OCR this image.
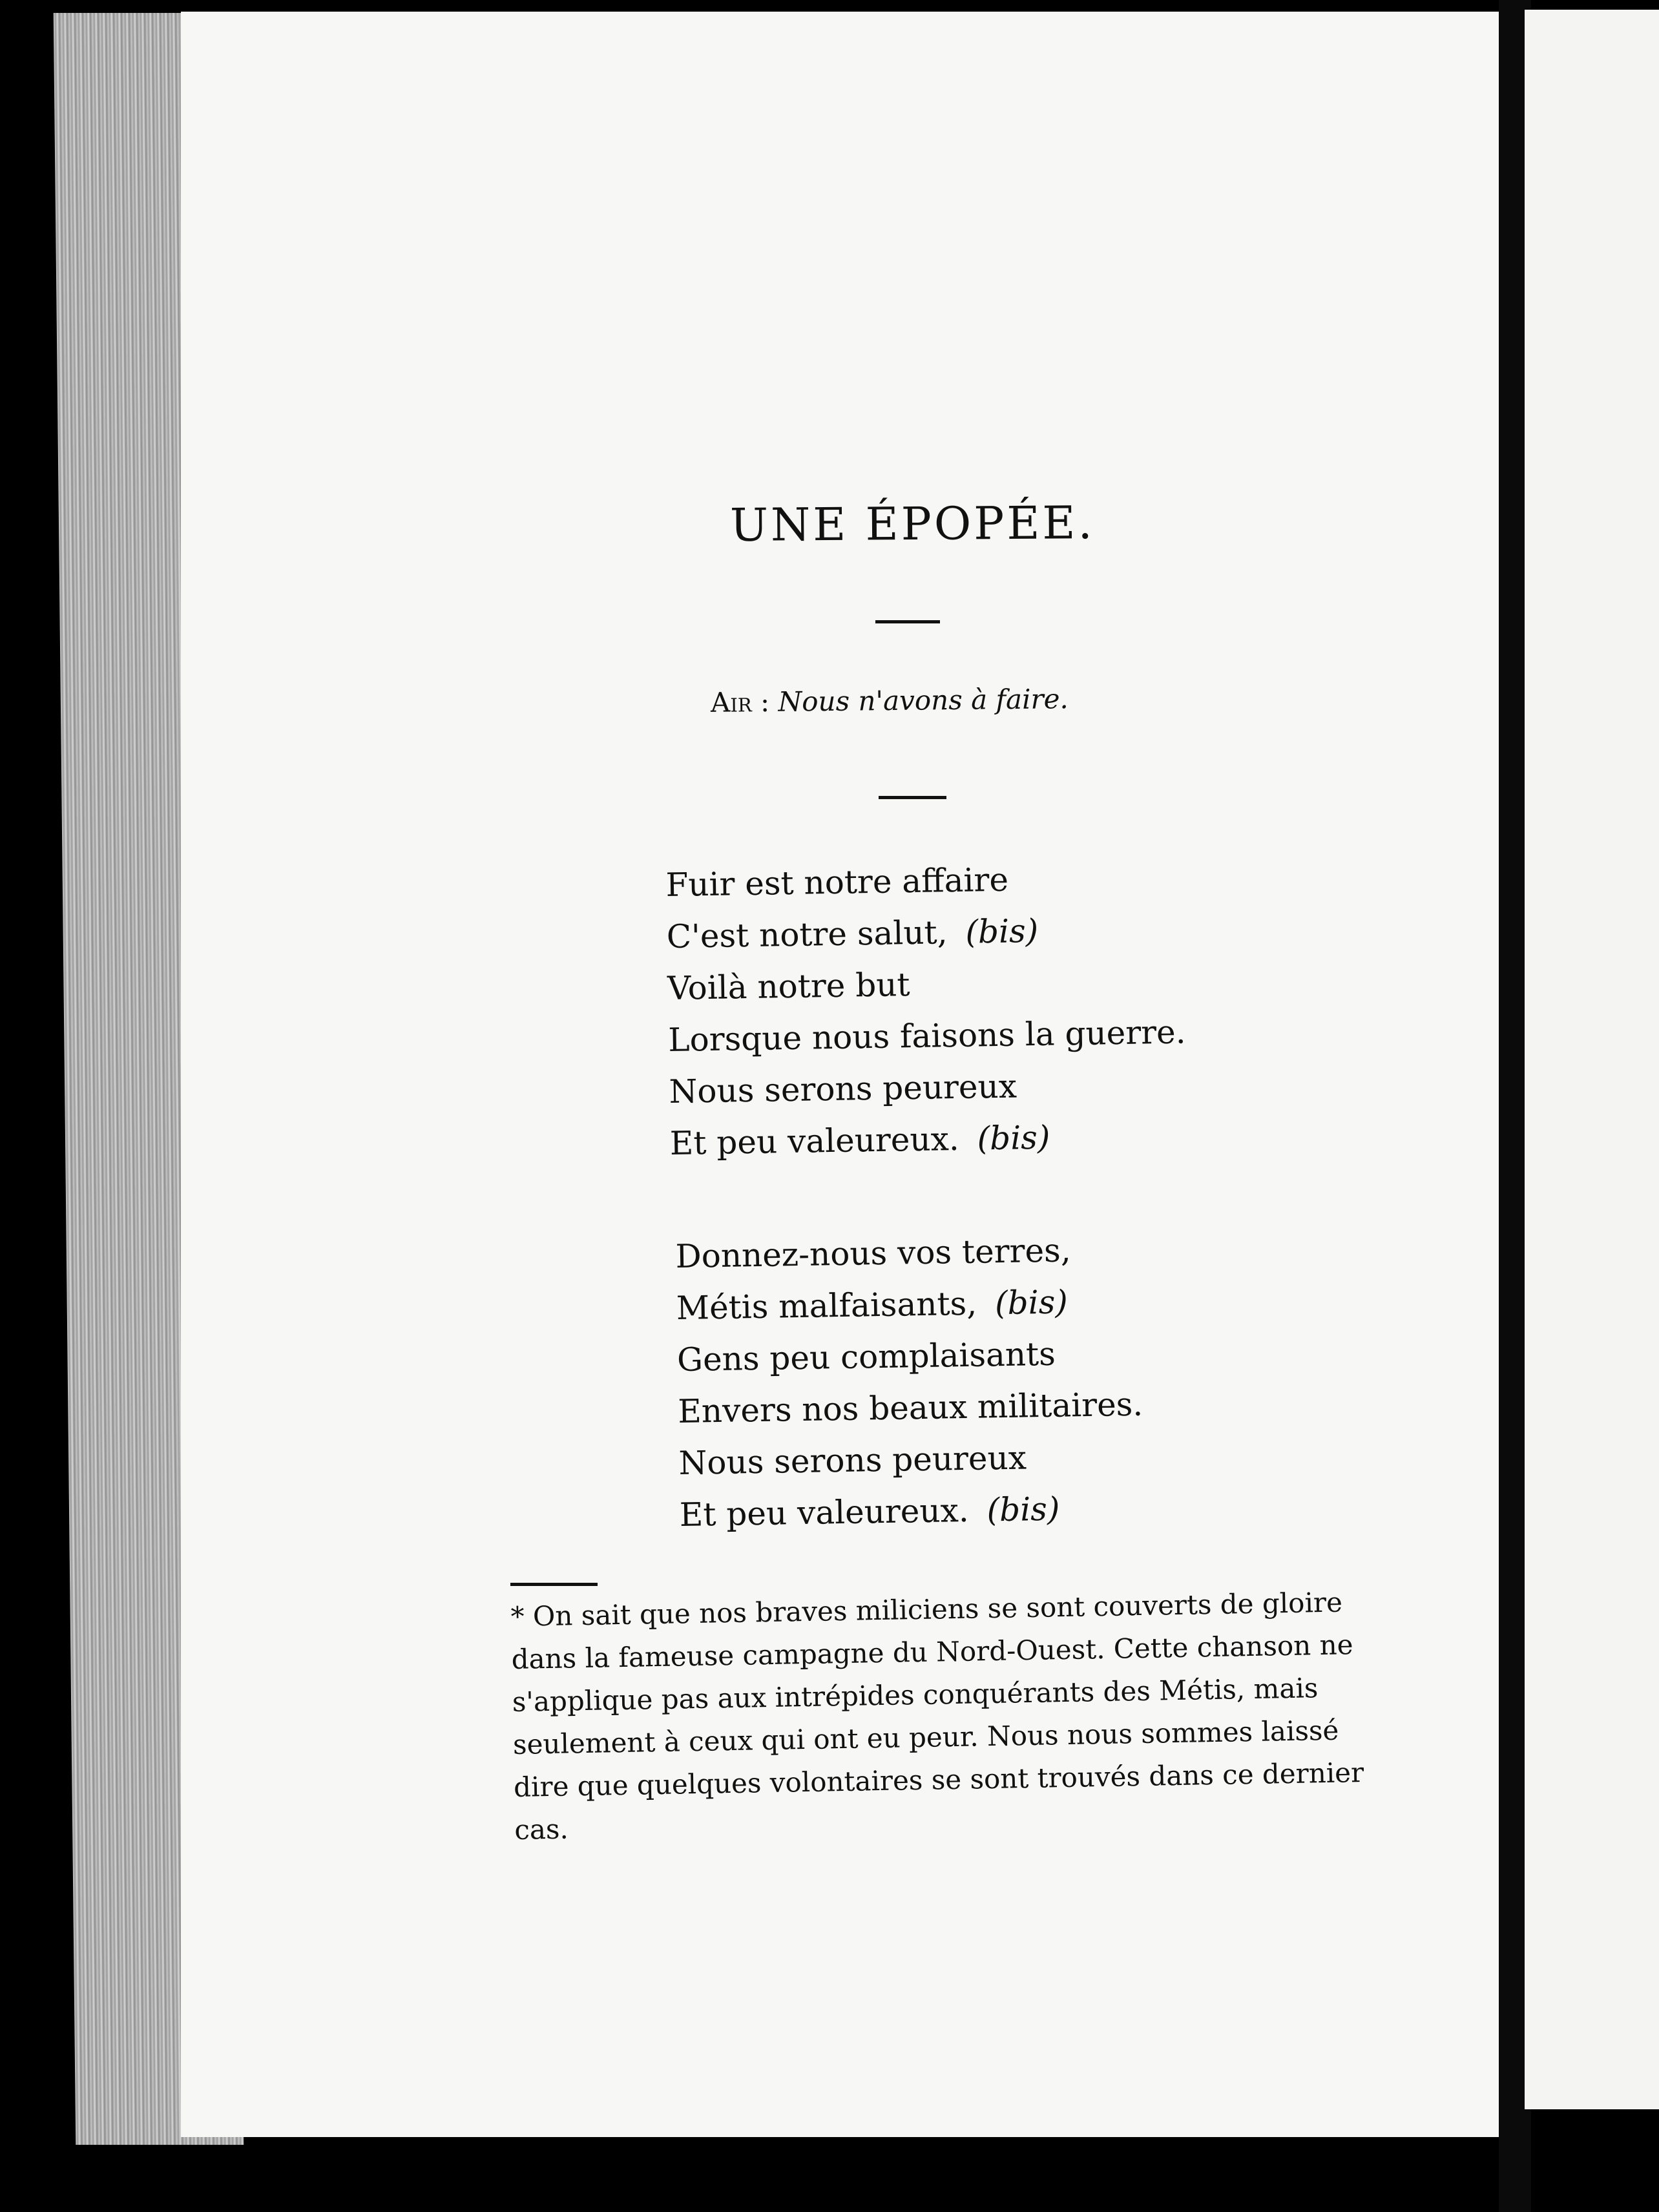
UNE ÉPOPÉE.
Air : Nous n'avons à faire.
Fuir est notre affaire
C'est notre salut, (bis)
Voilà notre but
Lorsque nous faisons la guerre.
Nous serons peureux
Et peu valeureux. (bis)
Donnez-nous vos terres,
Métis malfaisants, (bis)
Gens peu complaisants
Envers nos beaux militaires.
Nous serons peureux
Et peu valeureux. (bis)
* On sait que nos braves miliciens se sont couverts de gloire
dans la fameuse campagne du Nord-Ouest. Cette chanson ne
s'applique pas aux intrépides conquérants des Métis, mais
seulement à ceux qui ont eu peur. Nous nous sommes laissé
dire que quelques volontaires se sont trouvés dans ce dernier
cas.
